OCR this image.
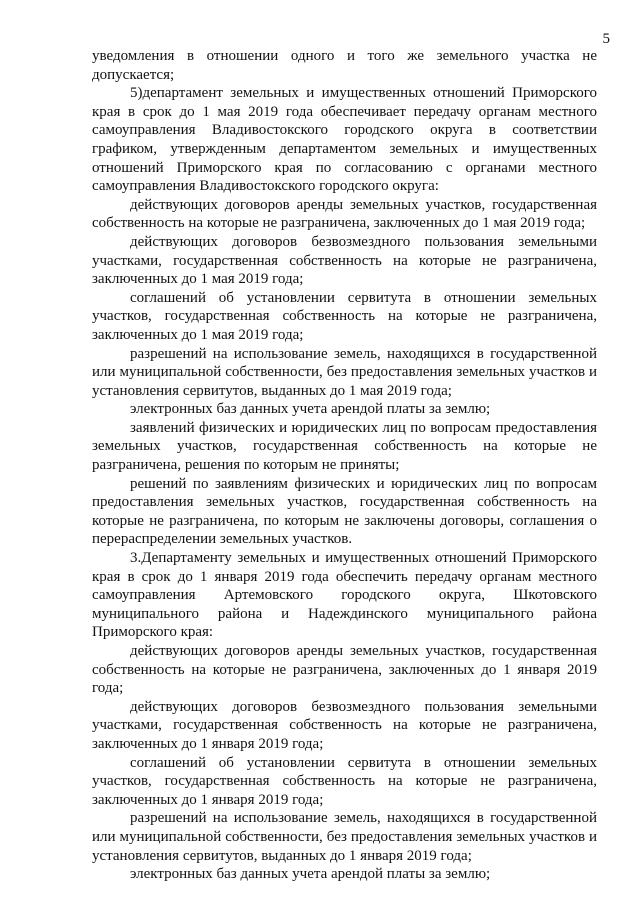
5

уведомления в отношении одного и того же земельного участка не допускается;

5)департамент земельных и имущественных отношений Приморского края в срок до 1 мая 2019 года обеспечивает передачу органам местного самоуправления Владивостокского городского округа в соответствии графиком, утвержденным департаментом земельных и имущественных отношений Приморского края по согласованию с органами местного самоуправления Владивостокского городского округа:

действующих договоров аренды земельных участков, государственная собственность на которые не разграничена, заключенных до 1 мая 2019 года;

действующих договоров безвозмездного пользования земельными участками, государственная собственность на которые не разграничена, заключенных до 1 мая 2019 года;

соглашений об установлении сервитута в отношении земельных участков, государственная собственность на которые не разграничена, заключенных до 1 мая 2019 года;

разрешений на использование земель, находящихся в государственной или муниципальной собственности, без предоставления земельных участков и установления сервитутов, выданных до 1 мая 2019 года;

электронных баз данных учета арендой платы за землю;

заявлений физических и юридических лиц по вопросам предоставления земельных участков, государственная собственность на которые не разграничена, решения по которым не приняты;

решений по заявлениям физических и юридических лиц по вопросам предоставления земельных участков, государственная собственность на которые не разграничена, по которым не заключены договоры, соглашения о перераспределении земельных участков.

3.Департаменту земельных и имущественных отношений Приморского края в срок до 1 января 2019 года обеспечить передачу органам местного самоуправления Артемовского городского округа, Шкотовского муниципального района и Надеждинского муниципального района Приморского края:

действующих договоров аренды земельных участков, государственная собственность на которые не разграничена, заключенных до 1 января 2019 года;

действующих договоров безвозмездного пользования земельными участками, государственная собственность на которые не разграничена, заключенных до 1 января 2019 года;

соглашений об установлении сервитута в отношении земельных участков, государственная собственность на которые не разграничена, заключенных до 1 января 2019 года;

разрешений на использование земель, находящихся в государственной или муниципальной собственности, без предоставления земельных участков и установления сервитутов, выданных до 1 января 2019 года;

электронных баз данных учета арендой платы за землю;
